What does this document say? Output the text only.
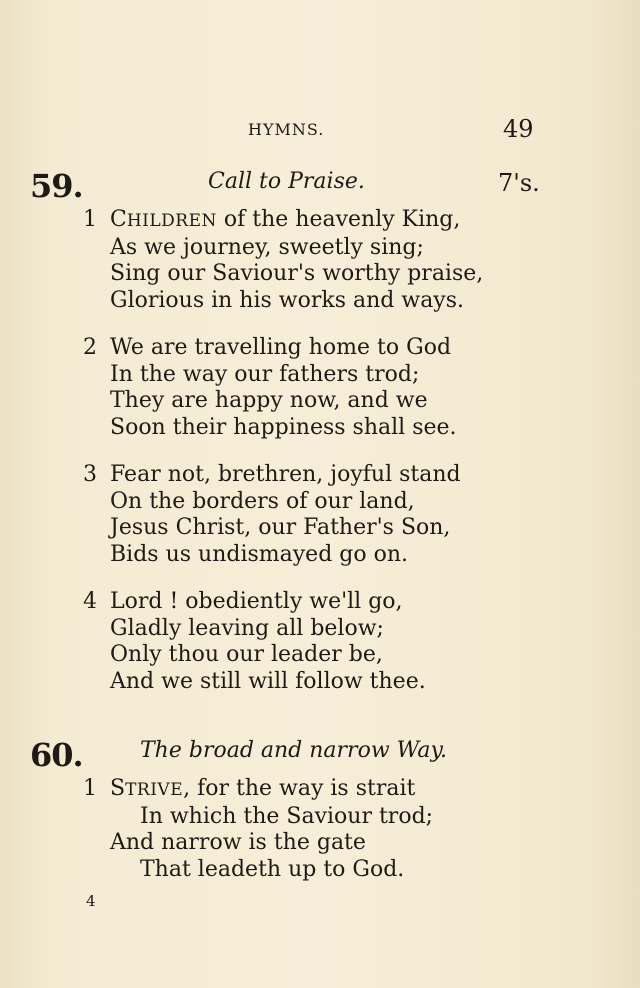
HYMNS.	49
59.	Call to Praise.	7's.
1 CHILDREN of the heavenly King,
As we journey, sweetly sing;
Sing our Saviour's worthy praise,
Glorious in his works and ways.
2 We are travelling home to God
In the way our fathers trod;
They are happy now, and we
Soon their happiness shall see.
3 Fear not, brethren, joyful stand
On the borders of our land,
Jesus Christ, our Father's Son,
Bids us undismayed go on.
4 Lord ! obediently we'll go,
Gladly leaving all below;
Only thou our leader be,
And we still will follow thee.
60.	The broad and narrow Way.
1 STRIVE, for the way is strait
In which the Saviour trod;
And narrow is the gate
That leadeth up to God.
4
